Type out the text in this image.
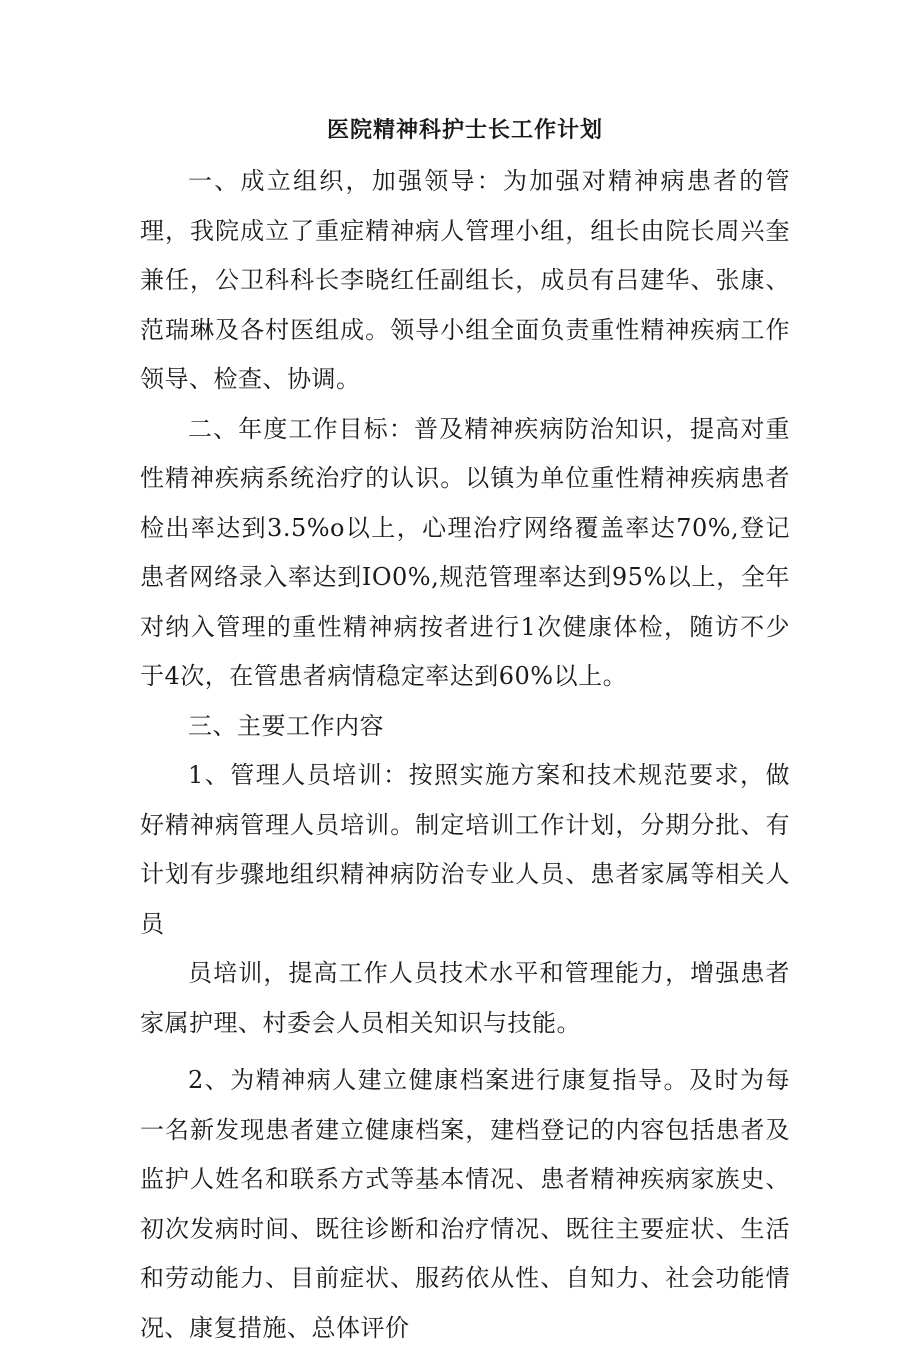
医院精神科护士长工作计划

一、成立组织，加强领导：为加强对精神病患者的管理，我院成立了重症精神病人管理小组，组长由院长周兴奎兼任，公卫科科长李晓红任副组长，成员有吕建华、张康、范瑞琳及各村医组成。领导小组全面负责重性精神疾病工作领导、检查、协调。

二、年度工作目标：普及精神疾病防治知识，提高对重性精神疾病系统治疗的认识。以镇为单位重性精神疾病患者检出率达到3.5%o以上，心理治疗网络覆盖率达70%,登记患者网络录入率达到IO0%,规范管理率达到95%以上，全年对纳入管理的重性精神病按者进行1次健康体检，随访不少于4次，在管患者病情稳定率达到60%以上。

三、主要工作内容

1、管理人员培训：按照实施方案和技术规范要求，做好精神病管理人员培训。制定培训工作计划，分期分批、有计划有步骤地组织精神病防治专业人员、患者家属等相关人员

员培训，提高工作人员技术水平和管理能力，增强患者家属护理、村委会人员相关知识与技能。

2、为精神病人建立健康档案进行康复指导。及时为每一名新发现患者建立健康档案，建档登记的内容包括患者及监护人姓名和联系方式等基本情况、患者精神疾病家族史、初次发病时间、既往诊断和治疗情况、既往主要症状、生活和劳动能力、目前症状、服药依从性、自知力、社会功能情况、康复措施、总体评价
